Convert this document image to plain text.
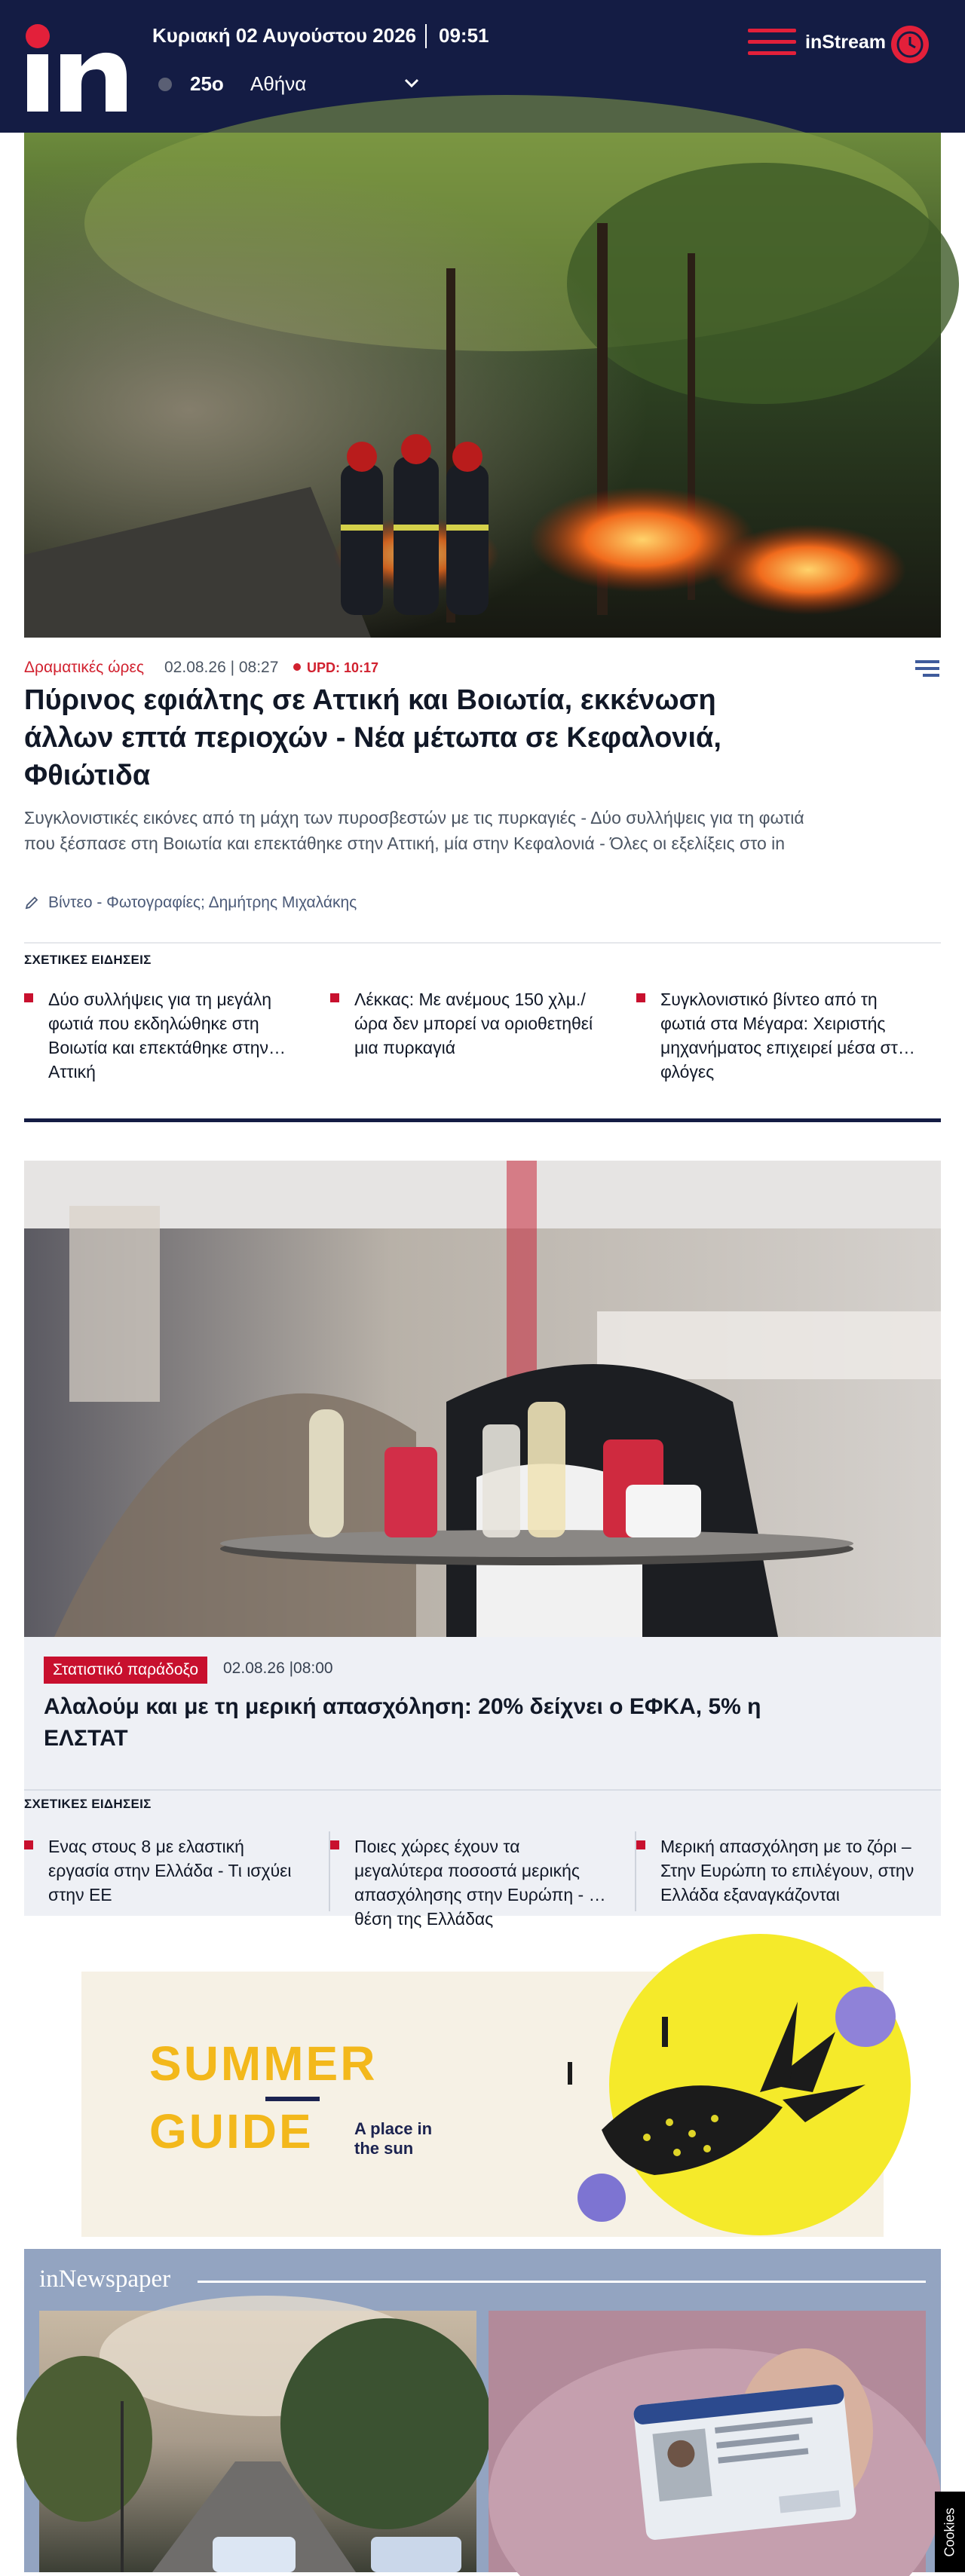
Κυριακή 02 Αυγούστου 2026 09:51
25o Αθήνα
inStream
Δραματικές ώρες 02.08.26 | 08:27 UPD: 10:17
Πύρινος εφιάλτης σε Αττική και Βοιωτία, εκκένωση άλλων επτά περιοχών - Νέα μέτωπα σε Κεφαλονιά, Φθιώτιδα
Συγκλονιστικές εικόνες από τη μάχη των πυροσβεστών με τις πυρκαγιές - Δύο συλλήψεις για τη φωτιά που ξέσπασε στη Βοιωτία και επεκτάθηκε στην Αττική, μία στην Κεφαλονιά - Όλες οι εξελίξεις στο in
Βίντεο - Φωτογραφίες; Δημήτρης Μιχαλάκης
ΣΧΕΤΙΚΕΣ ΕΙΔΗΣΕΙΣ
Δύο συλλήψεις για τη μεγάλη φωτιά που εκδηλώθηκε στη Βοιωτία και επεκτάθηκε στην Αττική
Λέκκας: Με ανέμους 150 χλμ./ώρα δεν μπορεί να οριοθετηθεί μια πυρκαγιά
Συγκλονιστικό βίντεο από τη φωτιά στα Μέγαρα: Χειριστής μηχανήματος επιχειρεί μέσα στις φλόγες
Στατιστικό παράδοξο	02.08.26 |08:00
Αλαλούμ και με τη μερική απασχόληση: 20% δείχνει ο ΕΦΚΑ, 5% η ΕΛΣΤΑΤ
ΣΧΕΤΙΚΕΣ ΕΙΔΗΣΕΙΣ
Ενας στους 8 με ελαστική εργασία στην Ελλάδα - Τι ισχύει στην ΕΕ
Ποιες χώρες έχουν τα μεγαλύτερα ποσοστά μερικής απασχόλησης στην Ευρώπη - Η θέση της Ελλάδας
Μερική απασχόληση με το ζόρι – Στην Ευρώπη το επιλέγουν, στην Ελλάδα εξαναγκάζονται
SUMMER
GUIDE A place in the sun
inNewspaper
Cookies
